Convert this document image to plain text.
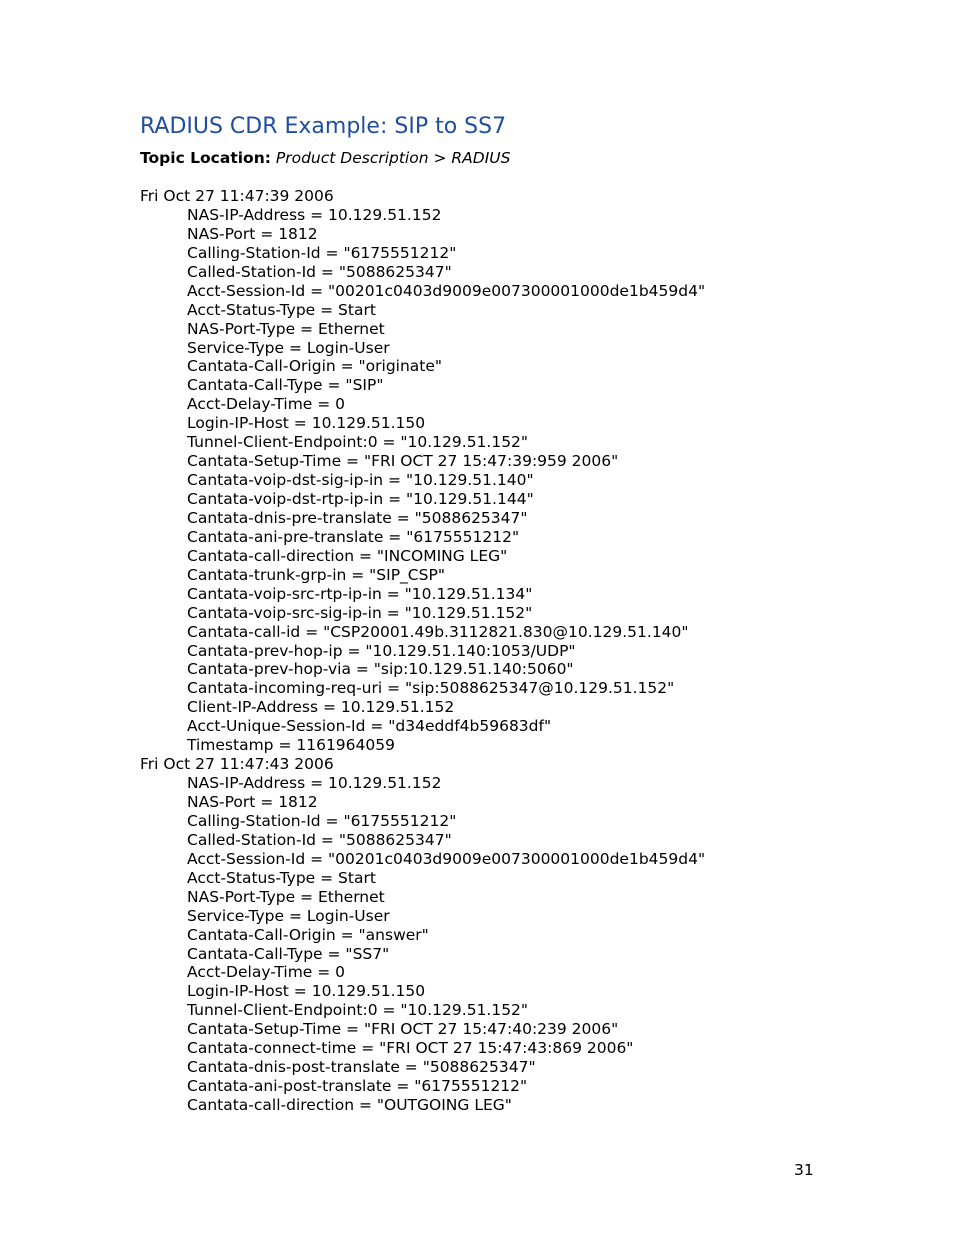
RADIUS CDR Example: SIP to SS7
Topic Location: Product Description > RADIUS
Fri Oct 27 11:47:39 2006
NAS-IP-Address = 10.129.51.152
NAS-Port = 1812
Calling-Station-Id = "6175551212"
Called-Station-Id = "5088625347"
Acct-Session-Id = "00201c0403d9009e007300001000de1b459d4"
Acct-Status-Type = Start
NAS-Port-Type = Ethernet
Service-Type = Login-User
Cantata-Call-Origin = "originate"
Cantata-Call-Type = "SIP"
Acct-Delay-Time = 0
Login-IP-Host = 10.129.51.150
Tunnel-Client-Endpoint:0 = "10.129.51.152"
Cantata-Setup-Time = "FRI OCT 27 15:47:39:959 2006"
Cantata-voip-dst-sig-ip-in = "10.129.51.140"
Cantata-voip-dst-rtp-ip-in = "10.129.51.144"
Cantata-dnis-pre-translate = "5088625347"
Cantata-ani-pre-translate = "6175551212"
Cantata-call-direction = "INCOMING LEG"
Cantata-trunk-grp-in = "SIP_CSP"
Cantata-voip-src-rtp-ip-in = "10.129.51.134"
Cantata-voip-src-sig-ip-in = "10.129.51.152"
Cantata-call-id = "CSP20001.49b.3112821.830@10.129.51.140"
Cantata-prev-hop-ip = "10.129.51.140:1053/UDP"
Cantata-prev-hop-via = "sip:10.129.51.140:5060"
Cantata-incoming-req-uri = "sip:5088625347@10.129.51.152"
Client-IP-Address = 10.129.51.152
Acct-Unique-Session-Id = "d34eddf4b59683df"
Timestamp = 1161964059
Fri Oct 27 11:47:43 2006
NAS-IP-Address = 10.129.51.152
NAS-Port = 1812
Calling-Station-Id = "6175551212"
Called-Station-Id = "5088625347"
Acct-Session-Id = "00201c0403d9009e007300001000de1b459d4"
Acct-Status-Type = Start
NAS-Port-Type = Ethernet
Service-Type = Login-User
Cantata-Call-Origin = "answer"
Cantata-Call-Type = "SS7"
Acct-Delay-Time = 0
Login-IP-Host = 10.129.51.150
Tunnel-Client-Endpoint:0 = "10.129.51.152"
Cantata-Setup-Time = "FRI OCT 27 15:47:40:239 2006"
Cantata-connect-time = "FRI OCT 27 15:47:43:869 2006"
Cantata-dnis-post-translate = "5088625347"
Cantata-ani-post-translate = "6175551212"
Cantata-call-direction = "OUTGOING LEG"
31
